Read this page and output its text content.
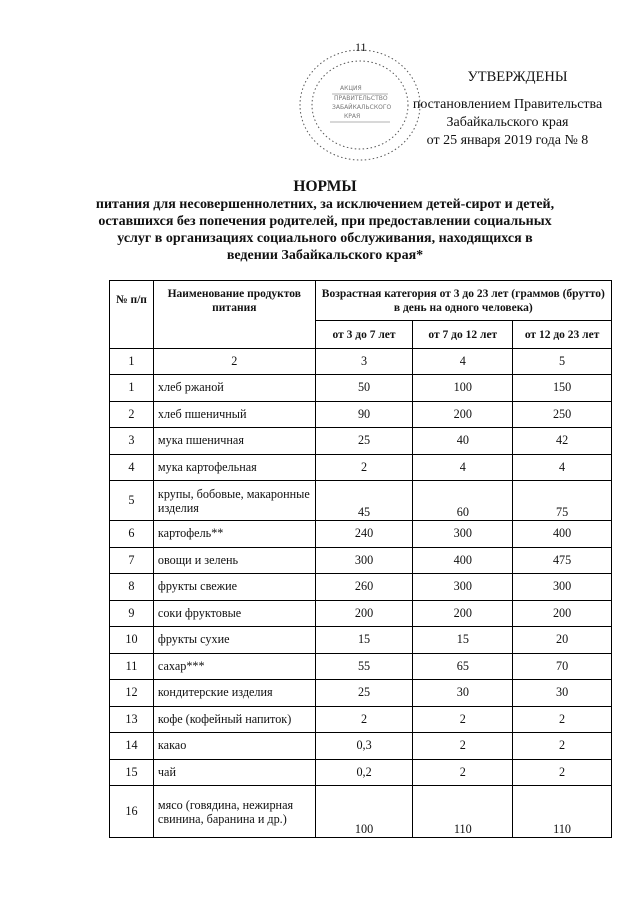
11
АКЦИЯ
ПРАВИТЕЛЬСТВО
ЗАБАЙКАЛЬСКОГО
КРАЯ
УТВЕРЖДЕНЫ
постановлением Правительства
Забайкальского края
от 25 января 2019 года № 8
НОРМЫ
питания для несовершеннолетних, за исключением детей-сирот и детей,
оставшихся без попечения родителей, при предоставлении социальных
услуг в организациях социального обслуживания, находящихся в
ведении Забайкальского края*
№ п/п	Наименование продуктов питания	Возрастная категория от 3 до 23 лет (граммов (брутто) в день на одного человека)		
		от 3 до 7 лет	от 7 до 12 лет	от 12 до 23 лет
1	2	3	4	5
1	хлеб ржаной	50	100	150
2	хлеб пшеничный	90	200	250
3	мука пшеничная	25	40	42
4	мука картофельная	2	4	4
5	крупы, бобовые, макаронные изделия	45	60	75
6	картофель**	240	300	400
7	овощи и зелень	300	400	475
8	фрукты свежие	260	300	300
9	соки фруктовые	200	200	200
10	фрукты сухие	15	15	20
11	сахар***	55	65	70
12	кондитерские изделия	25	30	30
13	кофе (кофейный напиток)	2	2	2
14	какао	0,3	2	2
15	чай	0,2	2	2
16	мясо (говядина, нежирная свинина, баранина и др.)	100	110	110
